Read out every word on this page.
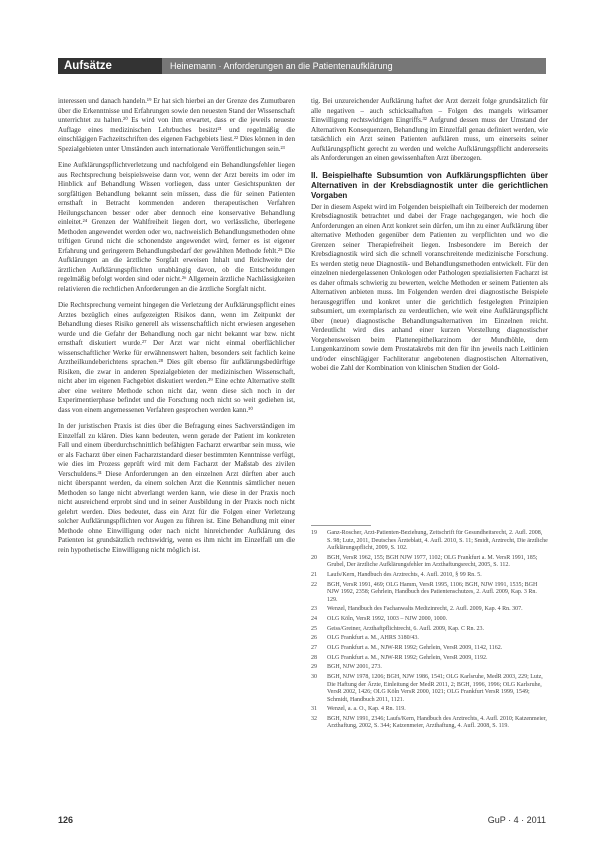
Aufsätze	Heinemann · Anforderungen an die Patientenaufklärung

interessen und danach handeln.¹⁹ Er hat sich hierbei an der Grenze des Zumutbaren über die Erkenntnisse und Erfahrungen sowie den neuesten Stand der Wissenschaft unterrichtet zu halten.²⁰ Es wird von ihm erwartet, dass er die jeweils neueste Auflage eines medizinischen Lehrbuches besitzt²¹ und regelmäßig die einschlägigen Fachzeitschriften des eigenen Fachgebiets liest.²² Dies können in den Spezialgebieten unter Umständen auch internationale Veröffentlichungen sein.²³

Eine Aufklärungspflichtverletzung und nachfolgend ein Behandlungsfehler liegen aus Rechtsprechung beispielsweise dann vor, wenn der Arzt bereits im oder im Hinblick auf Behandlung Wissen vorliegen, dass unter Gesichtspunkten der sorgfältigen Behandlung bekannt sein müssen, dass die für seinen Patienten ernsthaft in Betracht kommenden anderen therapeutischen Verfahren Heilungschancen besser oder aber dennoch eine konservative Behandlung einleitet.²⁴ Grenzen der Wahlfreiheit liegen dort, wo verlässliche, überlegene Methoden angewendet werden oder wo, nachweislich Behandlungsmethoden ohne triftigen Grund nicht die schonendste angewendet wird, ferner es ist eigener Erfahrung und geringerem Behandlungsbedarf der gewählten Methode fehlt.²⁵ Die Aufklärungen an die ärztliche Sorgfalt erweisen Inhalt und Reichweite der ärztlichen Aufklärungspflichten unabhängig davon, ob die Entscheidungen regelmäßig befolgt worden sind oder nicht.²⁶ Allgemein ärztliche Nachlässigkeiten relativieren die rechtlichen Anforderungen an die ärztliche Sorgfalt nicht.

Die Rechtsprechung verneint hingegen die Verletzung der Aufklärungspflicht eines Arztes bezüglich eines aufgezeigten Risikos dann, wenn im Zeitpunkt der Behandlung dieses Risiko generell als wissenschaftlich nicht erwiesen angesehen wurde und die Gefahr der Behandlung noch gar nicht bekannt war bzw. nicht ernsthaft diskutiert wurde.²⁷ Der Arzt war nicht einmal oberflächlicher wissenschaftlicher Werke für erwähnenswert halten, besonders seit fachlich keine Arztheilkundeberichtens sprachen.²⁸ Dies gilt ebenso für aufklärungsbedürftige Risiken, die zwar in anderen Spezialgebieten der medizinischen Wissenschaft, nicht aber im eigenen Fachgebiet diskutiert werden.²⁹ Eine echte Alternative stellt aber eine weitere Methode schon nicht dar, wenn diese sich noch in der Experimentierphase befindet und die Forschung noch nicht so weit gediehen ist, dass von einem angemessenen Verfahren gesprochen werden kann.³⁰

In der juristischen Praxis ist dies über die Befragung eines Sachverständigen im Einzelfall zu klären. Dies kann bedeuten, wenn gerade der Patient im konkreten Fall und einem überdurchschnittlich befähigten Facharzt erwartbar sein muss, wie er als Facharzt über einen Facharztstandard dieser bestimmten Kenntnisse verfügt, wie dies im Prozess geprüft wird mit dem Facharzt der Maßstab des zivilen Verschuldens.³¹ Diese Anforderungen an den einzelnen Arzt dürften aber auch nicht überspannt werden, da einem solchen Arzt die Kenntnis sämtlicher neuen Methoden so lange nicht abverlangt werden kann, wie diese in der Praxis noch nicht ausreichend erprobt sind und in seiner Ausbildung in der Praxis noch nicht gelehrt werden. Dies bedeutet, dass ein Arzt für die Folgen einer Verletzung solcher Aufklärungspflichten vor Augen zu führen ist. Eine Behandlung mit einer Methode ohne Einwilligung oder nach nicht hinreichender Aufklärung des Patienten ist grundsätzlich rechtswidrig, wenn es ihm nicht im Einzelfall um die rein hypothetische Einwilligung nicht möglich ist.

tig. Bei unzureichender Aufklärung haftet der Arzt derzeit folge grundsätzlich für alle negativen – auch schicksalhaften – Folgen des mangels wirksamer Einwilligung rechtswidrigen Eingriffs.³² Aufgrund dessen muss der Umstand der Alternativen Konsequenzen, Behandlung im Einzelfall genau definiert werden, wie tatsächlich ein Arzt seinen Patienten aufklären muss, um einerseits seiner Aufklärungspflicht gerecht zu werden und welche Aufklärungspflicht andererseits als Anforderungen an einen gewissenhaften Arzt überzogen.

II. Beispielhafte Subsumtion von Aufklärungspflichten über Alternativen in der Krebsdiagnostik unter die gerichtlichen Vorgaben

Der in diesem Aspekt wird im Folgenden beispielhaft ein Teilbereich der modernen Krebsdiagnostik betrachtet und dabei der Frage nachgegangen, wie hoch die Anforderungen an einen Arzt konkret sein dürfen, um ihn zu einer Aufklärung über alternative Methoden gegenüber dem Patienten zu verpflichten und wo die Grenzen seiner Therapiefreiheit liegen. Insbesondere im Bereich der Krebsdiagnostik wird sich die schnell voranschreitende medizinische Forschung. Es werden stetig neue Diagnostik- und Behandlungsmethoden entwickelt. Für den einzelnen niedergelassenen Onkologen oder Pathologen spezialisierten Facharzt ist es daher oftmals schwierig zu bewerten, welche Methoden er seinem Patienten als Alternativen anbieten muss. Im Folgenden werden drei diagnostische Beispiele herausgegriffen und konkret unter die gerichtlich festgelegten Prinzipien subsumiert, um exemplarisch zu verdeutlichen, wie weit eine Aufklärungspflicht über (neue) diagnostische Behandlungsalternativen im Einzelnen reicht. Verdeutlicht wird dies anhand einer kurzen Vorstellung diagnostischer Vorgehensweisen beim Plattenepithelkarzinom der Mundhöhle, dem Lungenkarzinom sowie dem Prostatakrebs mit den für ihn jeweils nach Leitlinien und/oder einschlägiger Fachliteratur angebotenen diagnostischen Alternativen, wobei die Zahl der Kombination von klinischen Studien der Gold-

19	Ganz-Roscher, Arzt-Patienten-Beziehung, Zeitschrift für Gesundheitsrecht, 2. Aufl. 2008, S. 98; Lutz, 2011, Deutsches Ärzteblatt, 4. Aufl. 2010, S. 11; Smidt, Arztrecht, Die ärztliche Aufklärungspflicht, 2009, S. 102.
20	BGH, VersR 1962, 155; BGH NJW 1977, 1102; OLG Frankfurt a. M. VersR 1991, 185; Grubel, Der ärztliche Aufklärungsfehler im Arzthaftungsrecht, 2005, S. 112.
21	Laufs/Kern, Handbuch des Arztrechts, 4. Aufl. 2010, § 99 Rn. 5.
22	BGH, VersR 1991, 469; OLG Hamm, VersR 1995, 1106; BGH, NJW 1991, 1535; BGH NJW 1992, 2358; Gehrlein, Handbuch des Patientenschutzes, 2. Aufl. 2009, Kap. 3 Rn. 129.
23	Wenzel, Handbuch des Fachanwalts Medizinrecht, 2. Aufl. 2009, Kap. 4 Rn. 307.
24	OLG Köln, VersR 1992, 1003 – NJW 2000, 1000.
25	Geiss/Greiner, Arzthaftpflichtrecht, 6. Aufl. 2009, Kap. C Rn. 23.
26	OLG Frankfurt a. M., AHRS 3180/43.
27	OLG Frankfurt a. M., NJW-RR 1992; Gehrlein, VersR 2009, 1142, 1162.
28	OLG Frankfurt a. M., NJW-RR 1992; Gehrlein, VersR 2009, 1192.
29	BGH, NJW 2001, 273.
30	BGH, NJW 1978, 1206; BGH, NJW 1986, 1541; OLG Karlsruhe, MedR 2003, 229; Lutz, Die Haftung der Ärzte, Einleitung der MedR 2011, 2; BGH, 1996, 1996; OLG Karlsruhe, VersR 2002, 1426; OLG Köln VersR 2000, 1021; OLG Frankfurt VersR 1999, 1549; Schmidt, Handbuch 2011, 1121.
31	Wenzel, a. a. O., Kap. 4 Rn. 119.
32	BGH, NJW 1991, 2346; Laufs/Kern, Handbuch des Arztrechts, 4. Aufl. 2010; Katzenmeier, Arzthaftung, 2002, S. 344; Katzenmeier, Arzthaftung, 4. Aufl. 2008, S. 119.
126	GuP · 4 · 2011
